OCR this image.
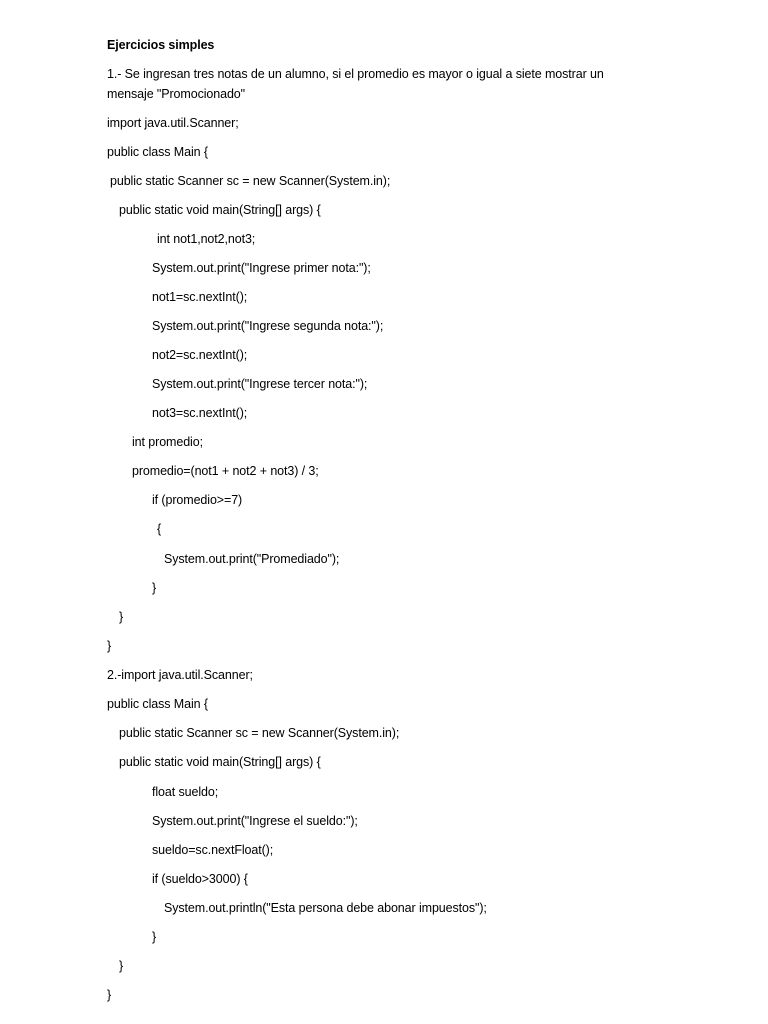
Ejercicios simples
1.- Se ingresan tres notas de un alumno, si el promedio es mayor o igual a siete mostrar un
mensaje "Promocionado"
import java.util.Scanner;
public class Main {
public static Scanner sc = new Scanner(System.in);
public static void main(String[] args) {
int not1,not2,not3;
System.out.print("Ingrese primer nota:");
not1=sc.nextInt();
System.out.print("Ingrese segunda nota:");
not2=sc.nextInt();
System.out.print("Ingrese tercer nota:");
not3=sc.nextInt();
int promedio;
promedio=(not1 + not2 + not3) / 3;
if (promedio>=7)
{
System.out.print("Promediado");
}
}
}
2.-import java.util.Scanner;
public class Main {
public static Scanner sc = new Scanner(System.in);
public static void main(String[] args) {
float sueldo;
System.out.print("Ingrese el sueldo:");
sueldo=sc.nextFloat();
if (sueldo>3000) {
System.out.println("Esta persona debe abonar impuestos");
}
}
}
